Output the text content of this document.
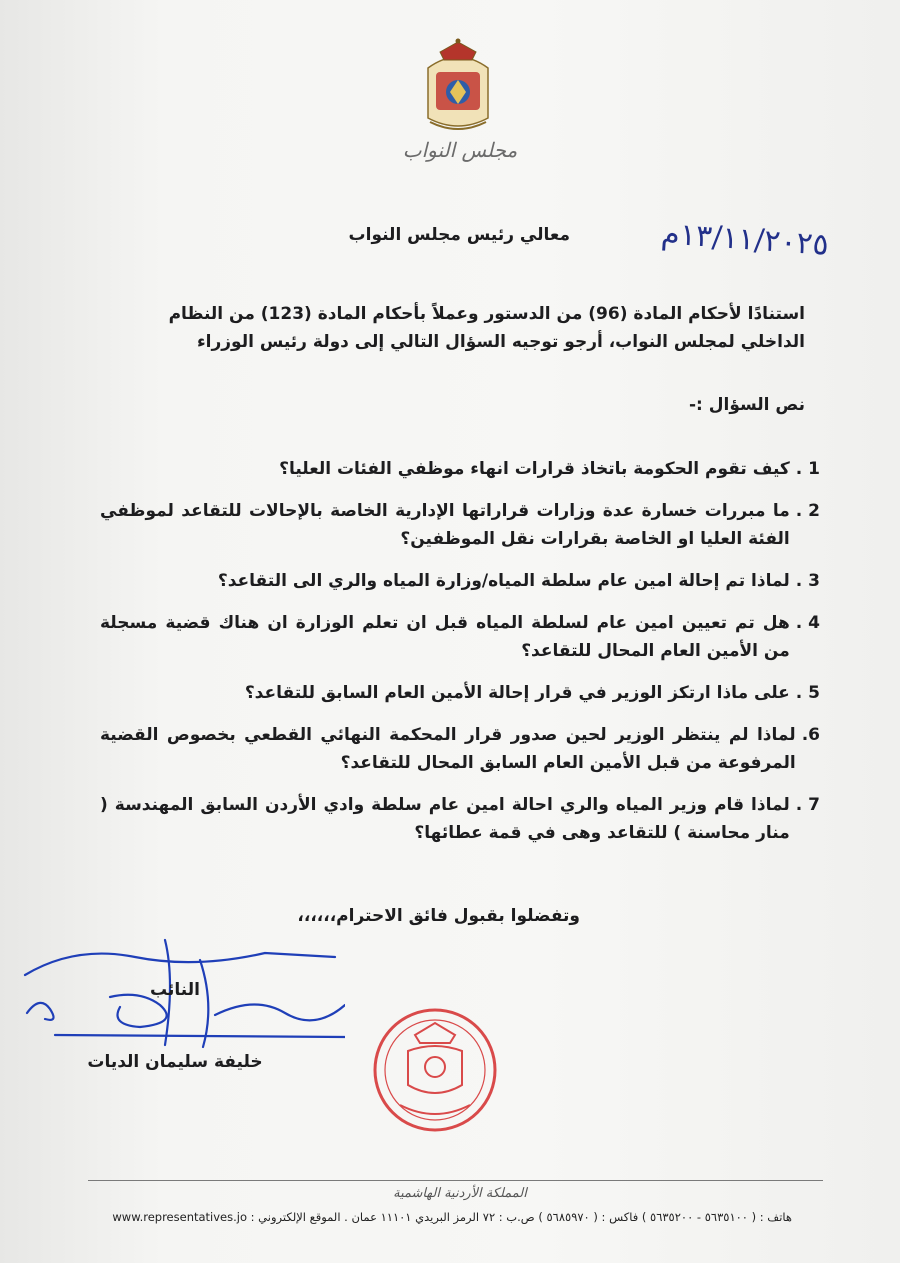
مجلس النواب
١٣/١١/٢٠٢٥م
معالي رئيس مجلس النواب
استنادًا لأحكام المادة (96) من الدستور وعملاً بأحكام المادة (123) من النظام الداخلي لمجلس النواب، أرجو توجيه السؤال التالي إلى دولة رئيس الوزراء
نص السؤال :-
1 .
كيف تقوم الحكومة باتخاذ قرارات انهاء موظفي الفئات العليا؟
2 .
ما مبررات خسارة عدة وزارات قراراتها الإدارية الخاصة بالإحالات للتقاعد لموظفي الفئة العليا او الخاصة بقرارات نقل الموظفين؟
3 .
لماذا تم إحالة امين عام سلطة المياه/وزارة المياه والري الى التقاعد؟
4 .
هل تم تعيين امين عام لسلطة المياه قبل ان تعلم الوزارة ان هناك قضية مسجلة من الأمين العام المحال للتقاعد؟
5 .
على ماذا ارتكز الوزير في قرار إحالة الأمين العام السابق للتقاعد؟
6.
لماذا لم ينتظر الوزير لحين صدور قرار المحكمة النهائي القطعي بخصوص القضية المرفوعة من قبل الأمين العام السابق المحال للتقاعد؟
7 .
لماذا قام وزير المياه والري احالة امين عام سلطة وادي الأردن السابق المهندسة ( منار محاسنة ) للتقاعد وهى في قمة عطائها؟
وتفضلوا بقبول فائق الاحترام،،،،،،
النائب
خليفة سليمان الديات
المملكة الأردنية الهاشمية
هاتف : ( ٥٦٣٥١٠٠ - ٥٦٣٥٢٠٠ ) فاكس : ( ٥٦٨٥٩٧٠ ) ص.ب : ٧٢ الرمز البريدي ١١١٠١ عمان . الموقع الإلكتروني : www.representatives.jo
